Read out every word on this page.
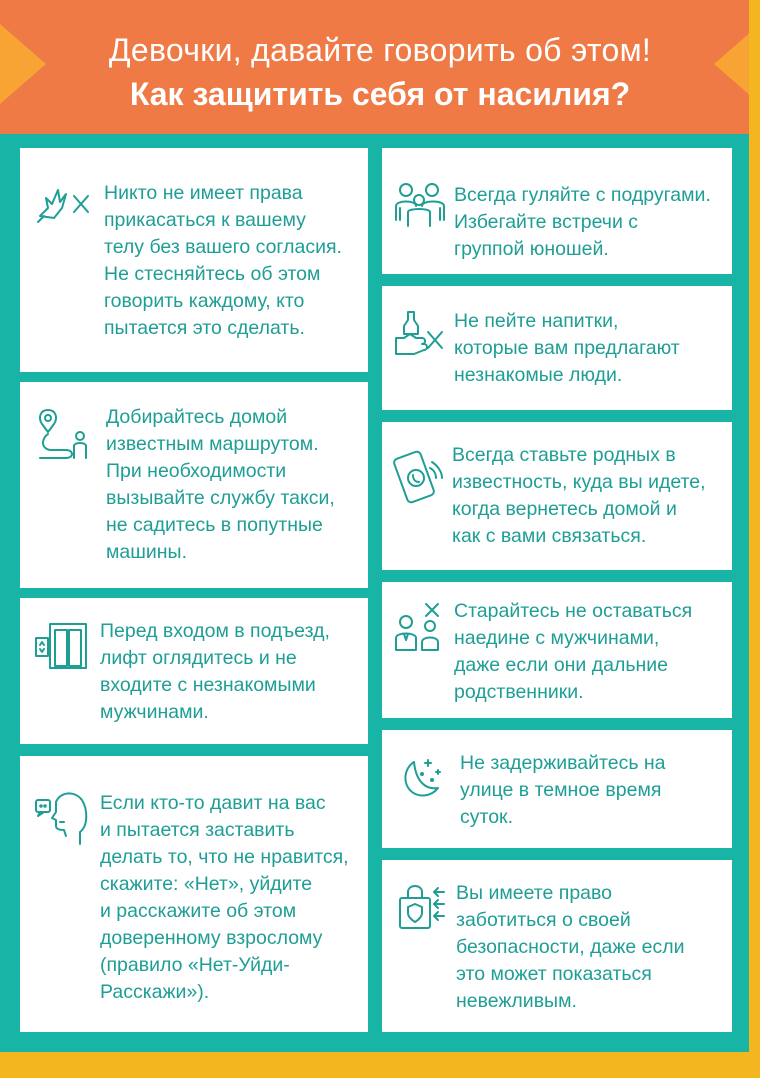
Девочки, давайте говорить об этом!
Как защитить себя от насилия?

Никто не имеет права
прикасаться к вашему
телу без вашего согласия.
Не стесняйтесь об этом
говорить каждому, кто
пытается это сделать.

Добирайтесь домой
известным маршрутом.
При необходимости
вызывайте службу такси,
не садитесь в попутные
машины.

Перед входом в подъезд,
лифт оглядитесь и не
входите с незнакомыми
мужчинами.

Если кто-то давит на вас
и пытается заставить
делать то, что не нравится,
скажите: «Нет», уйдите
и расскажите об этом
доверенному взрослому
(правило «Нет-Уйди-
Расскажи»).

Всегда гуляйте с подругами.
Избегайте встречи с
группой юношей.

Не пейте напитки,
которые вам предлагают
незнакомые люди.

Всегда ставьте родных в
известность, куда вы идете,
когда вернетесь домой и
как с вами связаться.

Старайтесь не оставаться
наедине с мужчинами,
даже если они дальние
родственники.

Не задерживайтесь на
улице в темное время
суток.

Вы имеете право
заботиться о своей
безопасности, даже если
это может показаться
невежливым.
